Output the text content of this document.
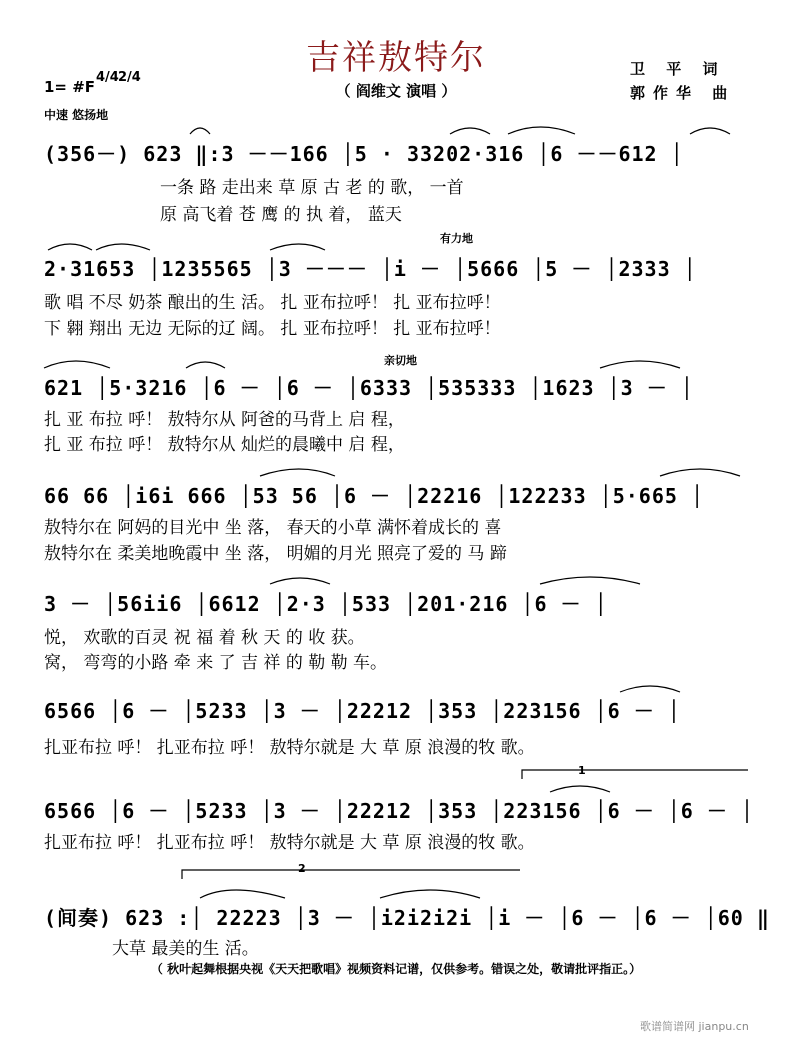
吉祥敖特尔
（ 阎维文 演唱 ）
卫 平 词
郭作华 曲
1= #F
4/4 2/4
中速 悠扬地
(356－) 623 ‖:3 －－166 │5 · 33202·316 │6 －－612 │
一条 路 走出来 草 原 古 老 的 歌， 一首
原 高飞着 苍 鹰 的 执 着， 蓝天
有力地
2·31653 │1235565 │3 －－－ │i － │5666 │5 － │2333 │
歌 唱 不尽 奶茶 酿出的生 活。 扎 亚布拉呼！ 扎 亚布拉呼！
下 翱 翔出 无边 无际的辽 阔。 扎 亚布拉呼！ 扎 亚布拉呼！
亲切地
621 │5·3216 │6 － │6 － │6333 │535333 │1623 │3 － │
扎 亚 布拉 呼！ 敖特尔从 阿爸的马背上 启 程，
扎 亚 布拉 呼！ 敖特尔从 灿烂的晨曦中 启 程，
66 66 │i6i 666 │53 56 │6 － │22216 │122233 │5·665 │
敖特尔在 阿妈的目光中 坐 落， 春天的小草 满怀着成长的 喜
敖特尔在 柔美地晚霞中 坐 落， 明媚的月光 照亮了爱的 马 蹄
3 － │56ii6 │6612 │2·3 │533 │201·216 │6 － │
悦， 欢歌的百灵 祝 福 着 秋 天 的 收 获。
窝， 弯弯的小路 牵 来 了 吉 祥 的 勒 勒 车。
6566 │6 － │5233 │3 － │22212 │353 │223156 │6 － │
扎亚布拉 呼！ 扎亚布拉 呼！ 敖特尔就是 大 草 原 浪漫的牧 歌。
1
6566 │6 － │5233 │3 － │22212 │353 │223156 │6 － │6 － │
扎亚布拉 呼！ 扎亚布拉 呼！ 敖特尔就是 大 草 原 浪漫的牧 歌。
2
(间奏) 623 :│ 22223 │3 － │i2i2i2i │i － │6 － │6 － │60 ‖
大草 最美的生 活。
（ 秋叶起舞根据央视《天天把歌唱》视频资料记谱，仅供参考。错误之处，敬请批评指正。）
歌谱简谱网 jianpu.cn
